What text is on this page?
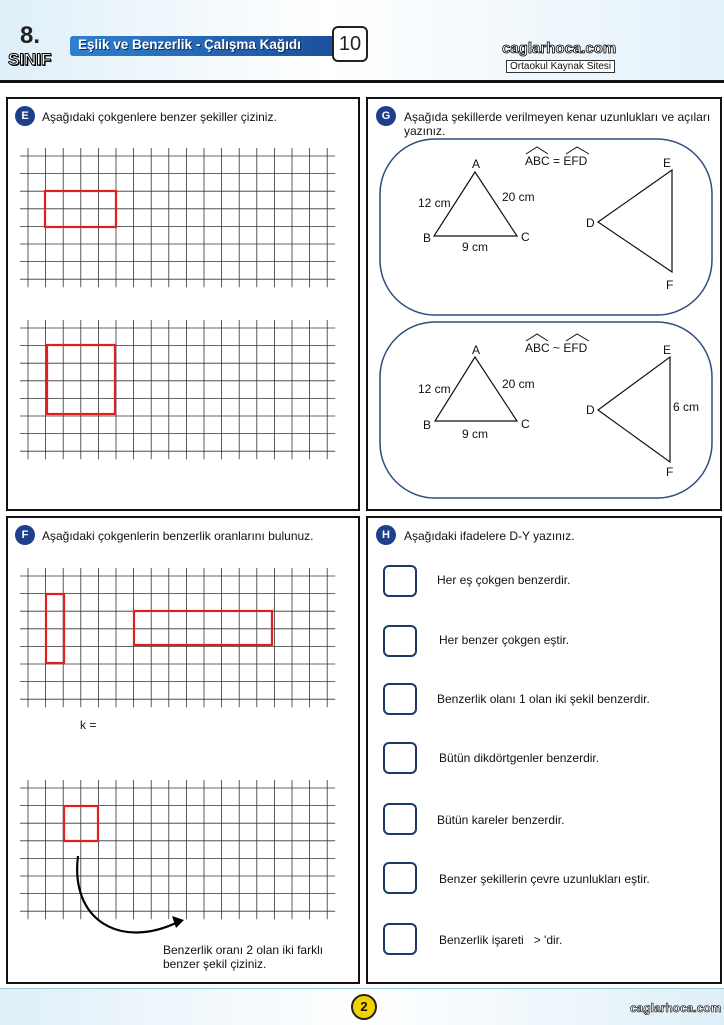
8.
SINIF
Eşlik ve Benzerlik - Çalışma Kağıdı	10	caglarhoca.com
Ortaokul Kaynak Sitesi
E	Aşağıdaki çokgenlere benzer şekiller çiziniz.	G	Aşağıda şekillerde verilmeyen kenar uzunlukları ve açıları yazınız.
ABC = EFD
A
B	C
D
E
F
12 cm	20 cm
9 cm
ABC ~ EFD
A
B	C
D
E
F
12 cm	20 cm
9 cm
6 cm
F	Aşağıdaki çokgenlerin benzerlik oranlarını bulunuz.
k =
Benzerlik oranı 2 olan iki farklı
benzer şekil çiziniz.
H	Aşağıdaki ifadelere D-Y yazınız.
Her eş çokgen benzerdir.
Her benzer çokgen eştir.
Benzerlik olanı 1 olan iki şekil benzerdir.
Bütün dikdörtgenler benzerdir.
Bütün kareler benzerdir.
Benzer şekillerin çevre uzunlukları eştir.
Benzerlik işareti   > 'dir.
2	caglarhoca.com
